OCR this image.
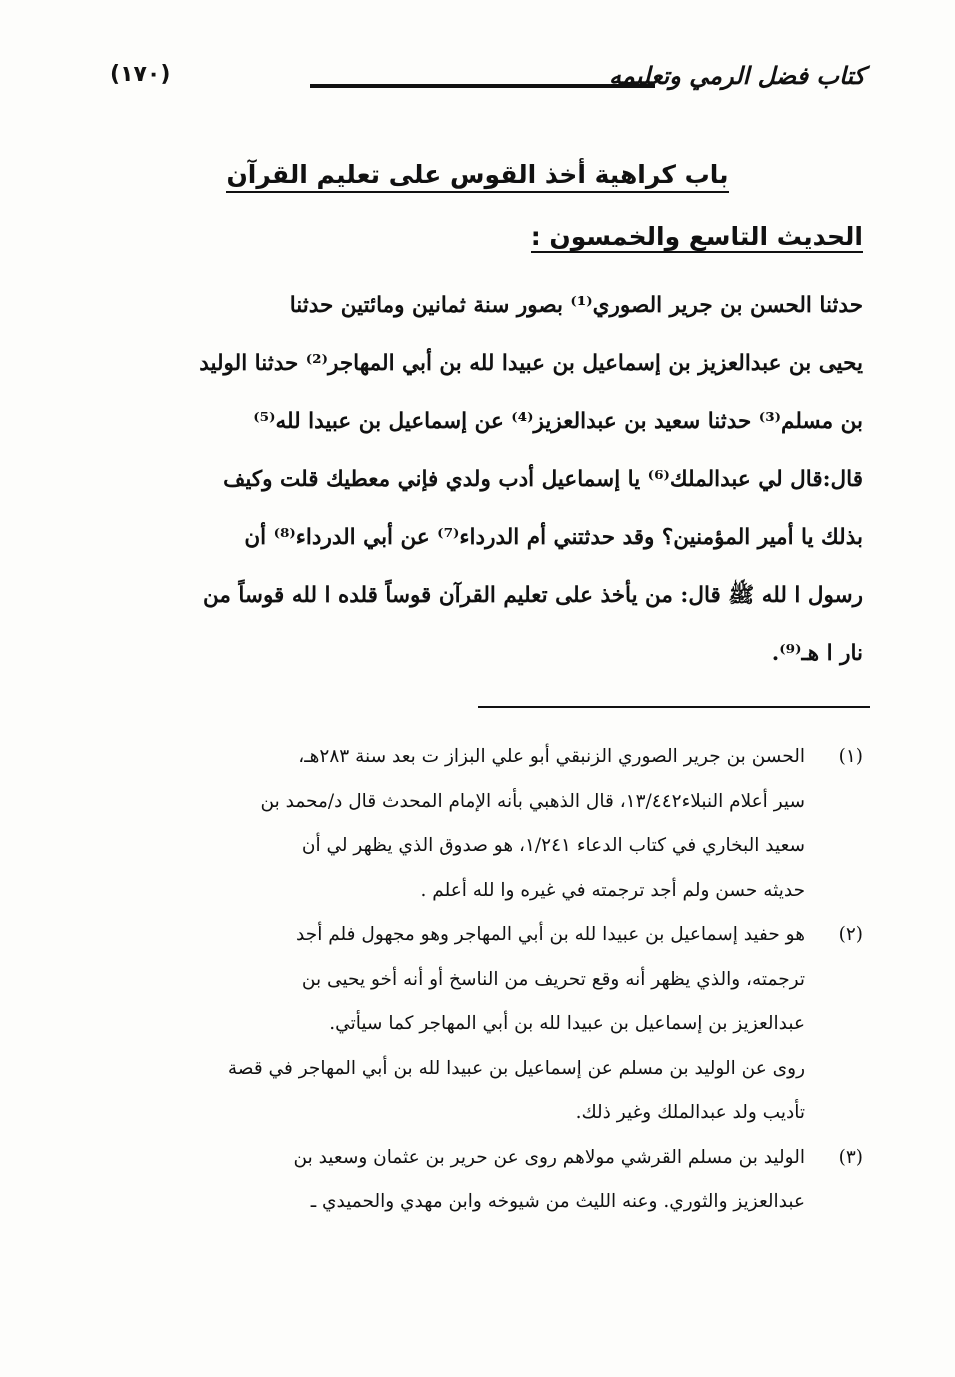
كتاب فضل الرمي وتعليمه
(١٧٠)
باب كراهية أخذ القوس على تعليم القرآن
الحديث التاسع والخمسون :
حدثنا الحسن بن جرير الصوري⁽¹⁾ بصور سنة ثمانين ومائتين حدثنا
يحيى بن عبدالعزيز بن إسماعيل بن عبيدا لله بن أبي المهاجر⁽²⁾ حدثنا الوليد
بن مسلم⁽³⁾ حدثنا سعيد بن عبدالعزيز⁽⁴⁾ عن إسماعيل بن عبيدا لله⁽⁵⁾
قال:قال لي عبدالملك⁽⁶⁾ يا إسماعيل أدب ولدي فإني معطيك قلت وكيف
بذلك يا أمير المؤمنين؟ وقد حدثتني أم الدرداء⁽⁷⁾ عن أبي الدرداء⁽⁸⁾ أن
رسول ا لله ﷺ قال: من يأخذ على تعليم القرآن قوساً قلده ا لله قوساً من
نار ا هـ⁽⁹⁾.
(١)
الحسن بن جرير الصوري الزنبقي أبو علي البزاز ت بعد سنة ٢٨٣هـ،
سير أعلام النبلاء١٣/٤٤٢، قال الذهبي بأنه الإمام المحدث قال د/محمد بن
سعيد البخاري في كتاب الدعاء ١/٢٤١، هو صدوق الذي يظهر لي أن
حديثه حسن ولم أجد ترجمته في غيره وا لله أعلم .
(٢)
هو حفيد إسماعيل بن عبيدا لله بن أبي المهاجر وهو مجهول فلم أجد
ترجمته، والذي يظهر أنه وقع تحريف من الناسخ أو أنه أخو يحيى بن
عبدالعزيز بن إسماعيل بن عبيدا لله بن أبي المهاجر كما سيأتي.
روى عن الوليد بن مسلم عن إسماعيل بن عبيدا لله بن أبي المهاجر في قصة
تأديب ولد عبدالملك وغير ذلك.
(٣)
الوليد بن مسلم القرشي مولاهم روى عن حرير بن عثمان وسعيد بن
عبدالعزيز والثوري. وعنه الليث من شيوخه وابن مهدي والحميدي ـ
